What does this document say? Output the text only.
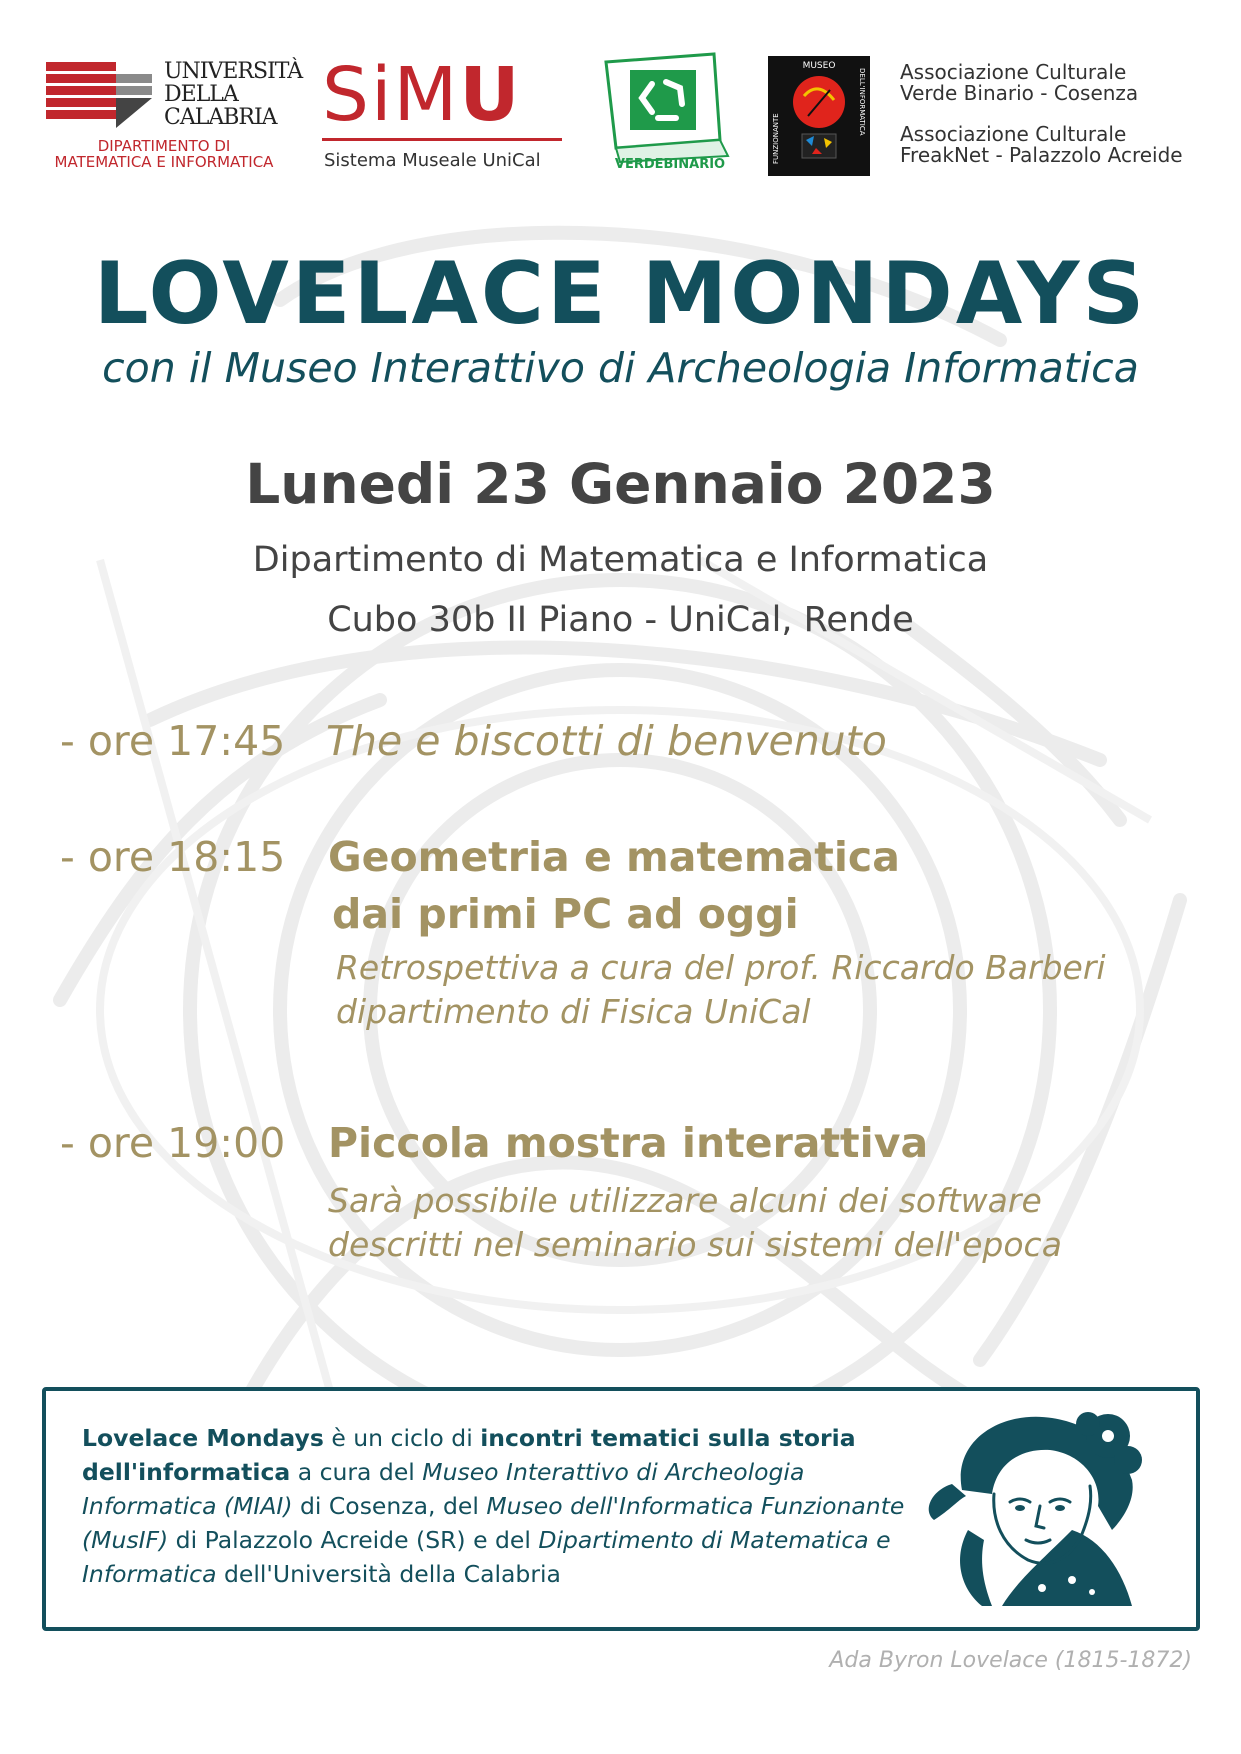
UNIVERSITÀ
DELLA
CALABRIA
DIPARTIMENTO DI
MATEMATICA E INFORMATICA
SiMU
Sistema Museale UniCal	VERDEBINARIO
MUSEO
FUNZIONANTE
DELL'INFORMATICA Associazione Culturale
Verde Binario - Cosenza
Associazione Culturale
FreakNet - Palazzolo Acreide
LOVELACE MONDAYS
con il Museo Interattivo di Archeologia Informatica
Lunedi 23 Gennaio 2023
Dipartimento di Matematica e Informatica
Cubo 30b II Piano - UniCal, Rende
- ore 17:45 The e biscotti di benvenuto
- ore 18:15 Geometria e matematica
dai primi PC ad oggi
Retrospettiva a cura del prof. Riccardo Barberi
dipartimento di Fisica UniCal
- ore 19:00 Piccola mostra interattiva
Sarà possibile utilizzare alcuni dei software
descritti nel seminario sui sistemi dell'epoca
Lovelace Mondays è un ciclo di incontri tematici sulla storia dell'informatica a cura del Museo Interattivo di Archeologia Informatica (MIAI) di Cosenza, del Museo dell'Informatica Funzionante (MusIF) di Palazzolo Acreide (SR) e del Dipartimento di Matematica e Informatica dell'Università della Calabria
Ada Byron Lovelace (1815-1872)
